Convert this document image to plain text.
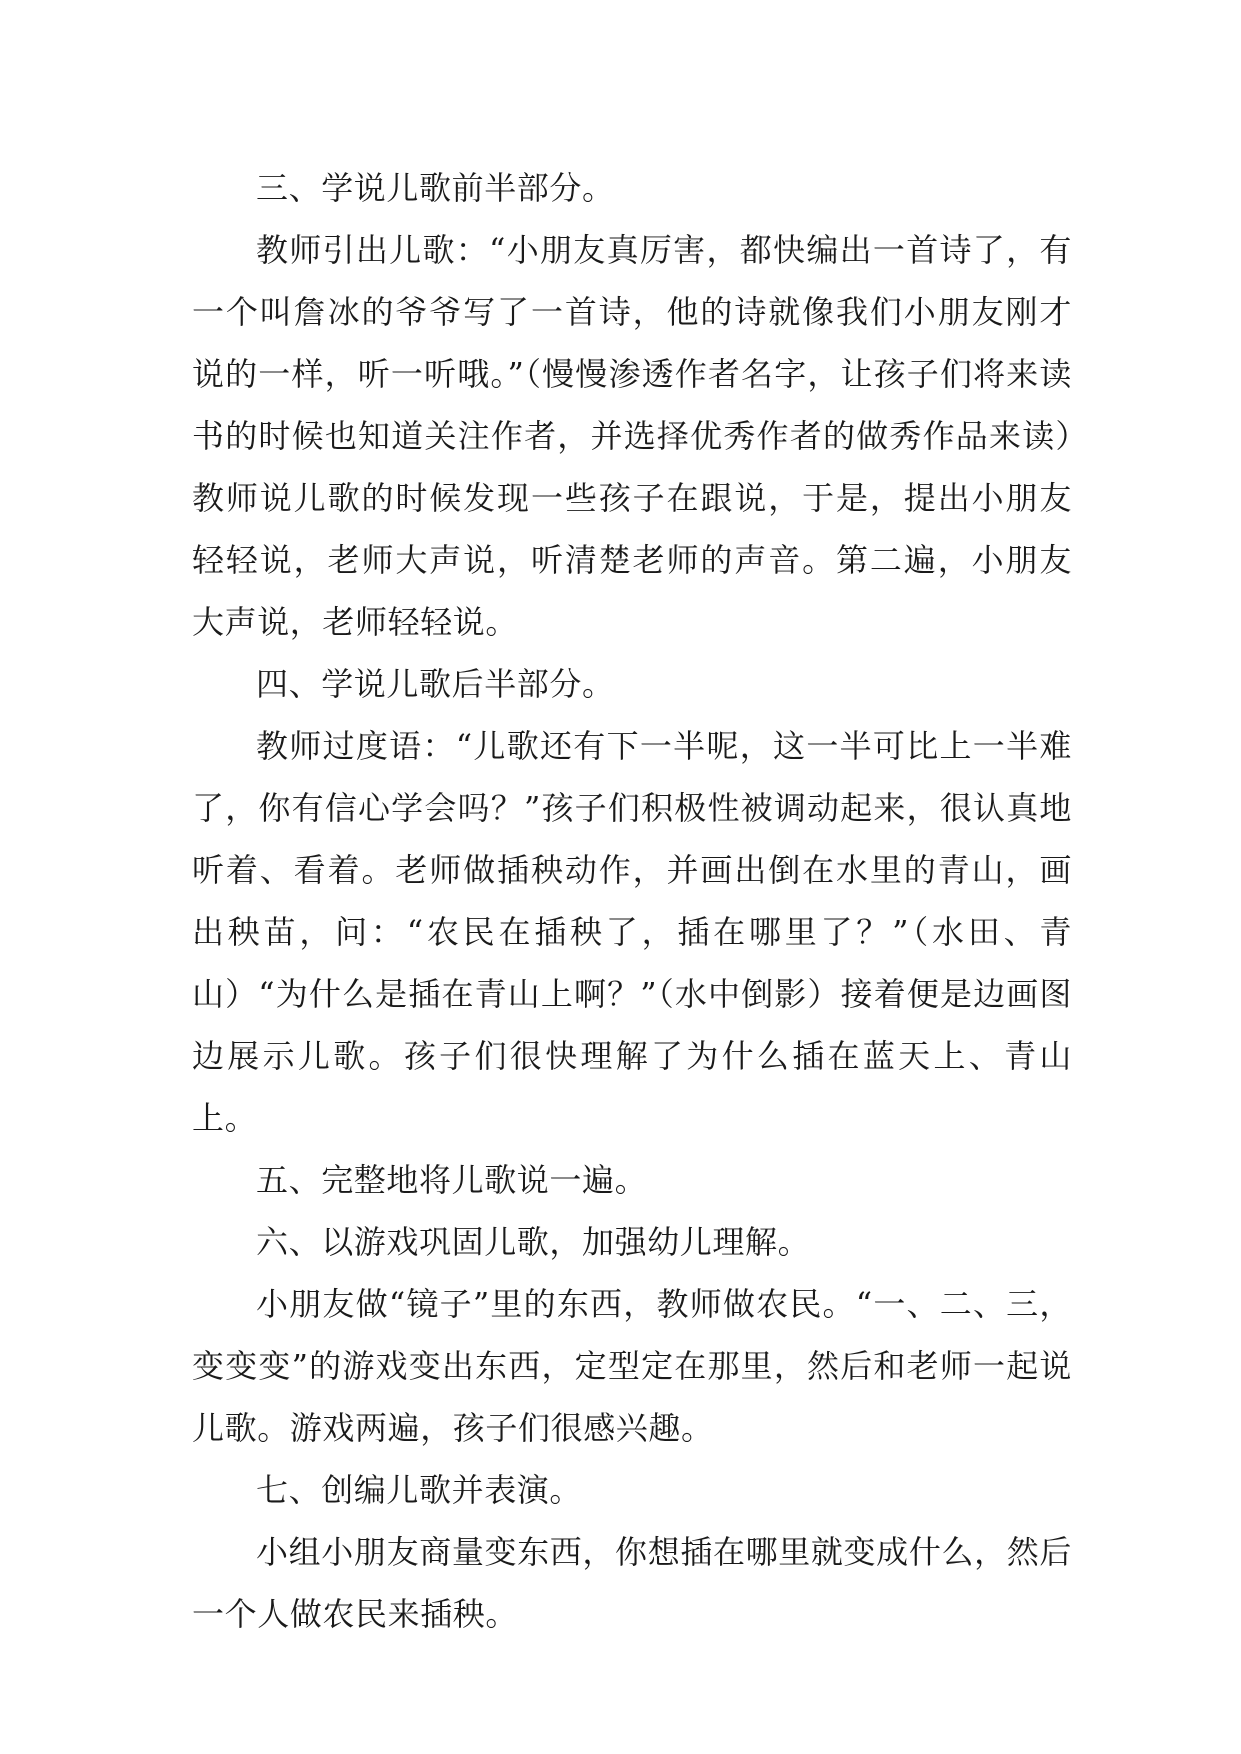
三、学说儿歌前半部分。

教师引出儿歌：“小朋友真厉害，都快编出一首诗了，有一个叫詹冰的爷爷写了一首诗，他的诗就像我们小朋友刚才说的一样，听一听哦。”（慢慢渗透作者名字，让孩子们将来读书的时候也知道关注作者，并选择优秀作者的做秀作品来读）教师说儿歌的时候发现一些孩子在跟说，于是，提出小朋友轻轻说，老师大声说，听清楚老师的声音。第二遍，小朋友大声说，老师轻轻说。

四、学说儿歌后半部分。

教师过度语：“儿歌还有下一半呢，这一半可比上一半难了，你有信心学会吗？”孩子们积极性被调动起来，很认真地听着、看着。老师做插秧动作，并画出倒在水里的青山，画出秧苗，问：“农民在插秧了，插在哪里了？”（水田、青山）“为什么是插在青山上啊？”（水中倒影）接着便是边画图边展示儿歌。孩子们很快理解了为什么插在蓝天上、青山上。

五、完整地将儿歌说一遍。

六、以游戏巩固儿歌，加强幼儿理解。

小朋友做“镜子”里的东西，教师做农民。“一、二、三，变变变”的游戏变出东西，定型定在那里，然后和老师一起说儿歌。游戏两遍，孩子们很感兴趣。

七、创编儿歌并表演。

小组小朋友商量变东西，你想插在哪里就变成什么，然后一个人做农民来插秧。
